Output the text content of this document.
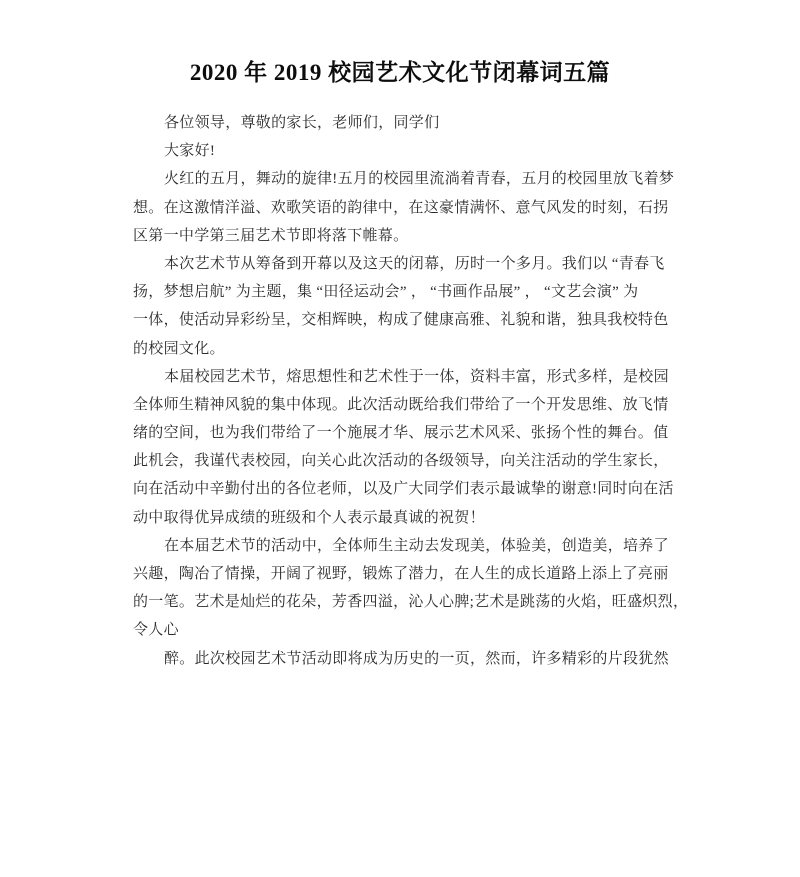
2020 年 2019 校园艺术文化节闭幕词五篇
各位领导，尊敬的家长，老师们，同学们
大家好!
火红的五月，舞动的旋律!五月的校园里流淌着青春，五月的校园里放飞着梦
想。在这激情洋溢、欢歌笑语的韵律中，在这豪情满怀、意气风发的时刻，石拐
区第一中学第三届艺术节即将落下帷幕。
本次艺术节从筹备到开幕以及这天的闭幕，历时一个多月。我们以 “青春飞
扬，梦想启航” 为主题，集 “田径运动会” ， “书画作品展” ， “文艺会演” 为
一体，使活动异彩纷呈，交相辉映，构成了健康高雅、礼貌和谐，独具我校特色
的校园文化。
本届校园艺术节，熔思想性和艺术性于一体，资料丰富，形式多样，是校园
全体师生精神风貌的集中体现。此次活动既给我们带给了一个开发思维、放飞情
绪的空间，也为我们带给了一个施展才华、展示艺术风采、张扬个性的舞台。值
此机会，我谨代表校园，向关心此次活动的各级领导，向关注活动的学生家长，
向在活动中辛勤付出的各位老师，以及广大同学们表示最诚挚的谢意!同时向在活
动中取得优异成绩的班级和个人表示最真诚的祝贺！
在本届艺术节的活动中，全体师生主动去发现美，体验美，创造美，培养了
兴趣，陶冶了情操，开阔了视野，锻炼了潜力，在人生的成长道路上添上了亮丽
的一笔。艺术是灿烂的花朵，芳香四溢，沁人心脾;艺术是跳荡的火焰，旺盛炽烈，
令人心
醉。此次校园艺术节活动即将成为历史的一页，然而，许多精彩的片段犹然
